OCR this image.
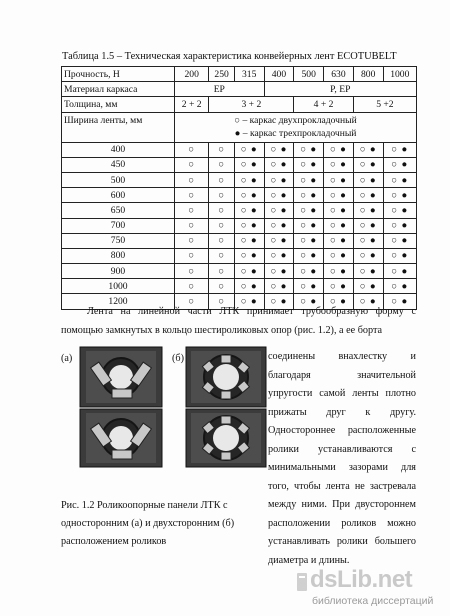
Таблица 1.5 – Техническая характеристика конвейерных лент ECOTUBELT
Прочность, Н	200	250	315	400	500	630	800	1000
Материал каркаса	EP			P, EP				
Толщина, мм	2 + 2	3 + 2			4 + 2		5 +2	
Ширина ленты, мм	○ – каркас двухпрокладочный
● – каркас трехпрокладочный							

400	○	○	○ ●	○ ●	○ ●	○ ●	○ ●	○ ●
450	○	○	○ ●	○ ●	○ ●	○ ●	○ ●	○ ●
500	○	○	○ ●	○ ●	○ ●	○ ●	○ ●	○ ●
600	○	○	○ ●	○ ●	○ ●	○ ●	○ ●	○ ●
650	○	○	○ ●	○ ●	○ ●	○ ●	○ ●	○ ●
700	○	○	○ ●	○ ●	○ ●	○ ●	○ ●	○ ●
750	○	○	○ ●	○ ●	○ ●	○ ●	○ ●	○ ●
800	○	○	○ ●	○ ●	○ ●	○ ●	○ ●	○ ●
900	○	○	○ ●	○ ●	○ ●	○ ●	○ ●	○ ●
1000	○	○	○ ●	○ ●	○ ●	○ ●	○ ●	○ ●
1200	○	○	○ ●	○ ●	○ ●	○ ●	○ ●	○ ●
Лента на линейной части ЛТК принимает трубообразную форму с помощью замкнутых в кольцо шестироликовых опор (рис. 1.2), а ее борта
(а)	(б)
Рис. 1.2 Роликоопорные панели ЛТК с односторонним (а) и двухсторонним (б) расположением роликов

соединены внахлестку и

благодаря значительной

упругости самой ленты плотно

прижаты друг к другу.

Одностороннее расположенные

ролики устанавливаются с

минимальными зазорами для

того, чтобы лента не застревала

между ними. При двустороннем

расположении роликов можно

устанавливать ролики большего

диаметра и длины.

dsLib.net
библиотека диссертаций
